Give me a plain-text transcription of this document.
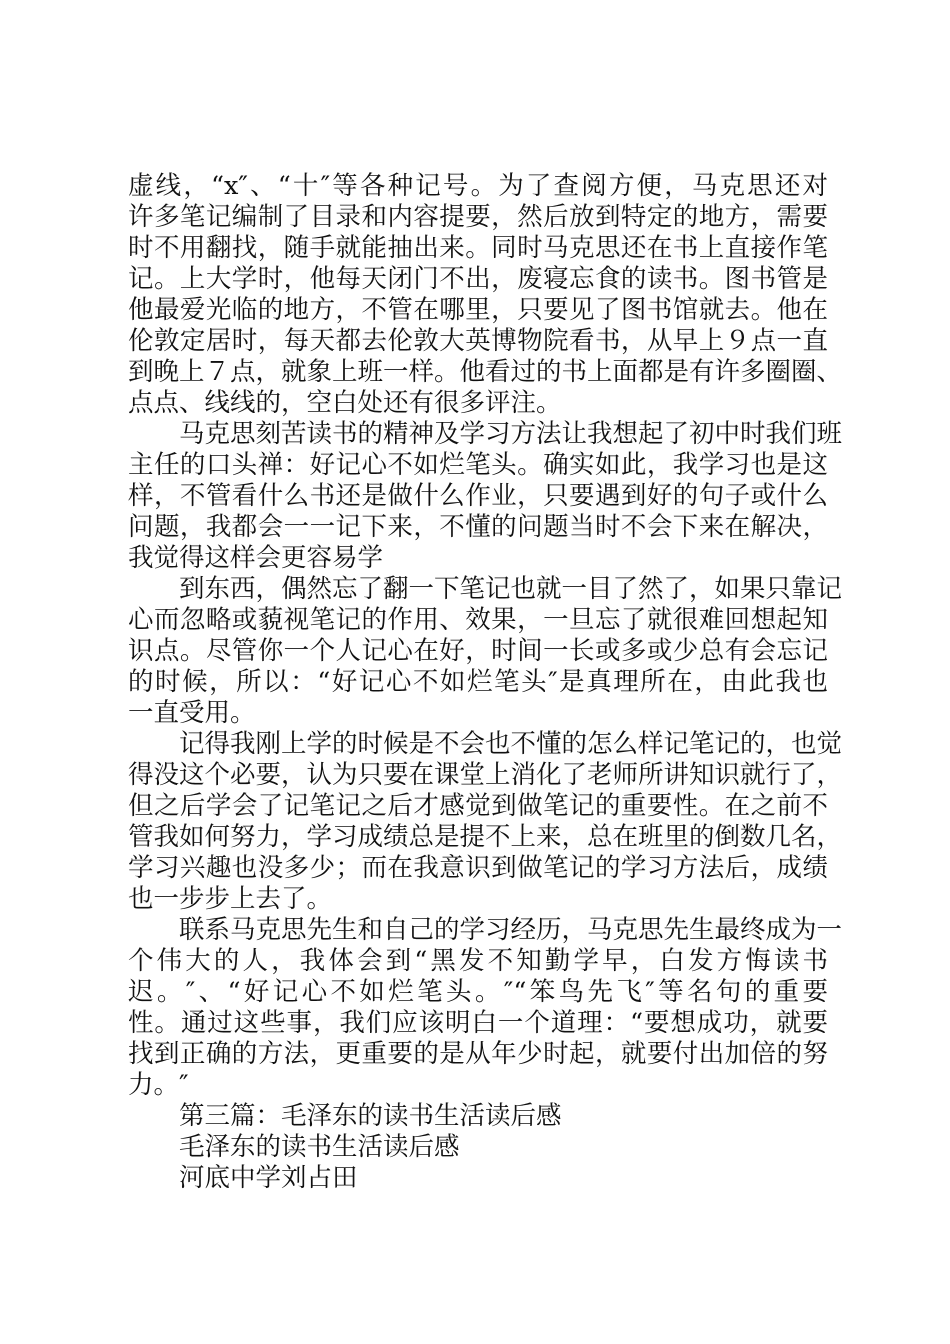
虚线，“x″、“十″等各种记号。为了查阅方便，马克思还对
许多笔记编制了目录和内容提要，然后放到特定的地方，需要
时不用翻找，随手就能抽出来。同时马克思还在书上直接作笔
记。上大学时，他每天闭门不出，废寝忘食的读书。图书管是
他最爱光临的地方，不管在哪里，只要见了图书馆就去。他在
伦敦定居时，每天都去伦敦大英博物院看书，从早上９点一直
到晚上７点，就象上班一样。他看过的书上面都是有许多圈圈、
点点、线线的，空白处还有很多评注。
马克思刻苦读书的精神及学习方法让我想起了初中时我们班
主任的口头禅：好记心不如烂笔头。确实如此，我学习也是这
样，不管看什么书还是做什么作业，只要遇到好的句子或什么
问题，我都会一一记下来，不懂的问题当时不会下来在解决，
我觉得这样会更容易学
到东西，偶然忘了翻一下笔记也就一目了然了，如果只靠记
心而忽略或藐视笔记的作用、效果，一旦忘了就很难回想起知
识点。尽管你一个人记心在好，时间一长或多或少总有会忘记
的时候，所以：“好记心不如烂笔头″是真理所在，由此我也
一直受用。
记得我刚上学的时候是不会也不懂的怎么样记笔记的，也觉
得没这个必要，认为只要在课堂上消化了老师所讲知识就行了，
但之后学会了记笔记之后才感觉到做笔记的重要性。在之前不
管我如何努力，学习成绩总是提不上来，总在班里的倒数几名，
学习兴趣也没多少；而在我意识到做笔记的学习方法后，成绩
也一步步上去了。
联系马克思先生和自己的学习经历，马克思先生最终成为一
个伟大的人，我体会到“黑发不知勤学早，白发方悔读书
迟。″、“好记心不如烂笔头。″“笨鸟先飞″等名句的重要
性。通过这些事，我们应该明白一个道理：“要想成功，就要
找到正确的方法，更重要的是从年少时起，就要付出加倍的努
力。″
第三篇：毛泽东的读书生活读后感
毛泽东的读书生活读后感
河底中学刘占田
